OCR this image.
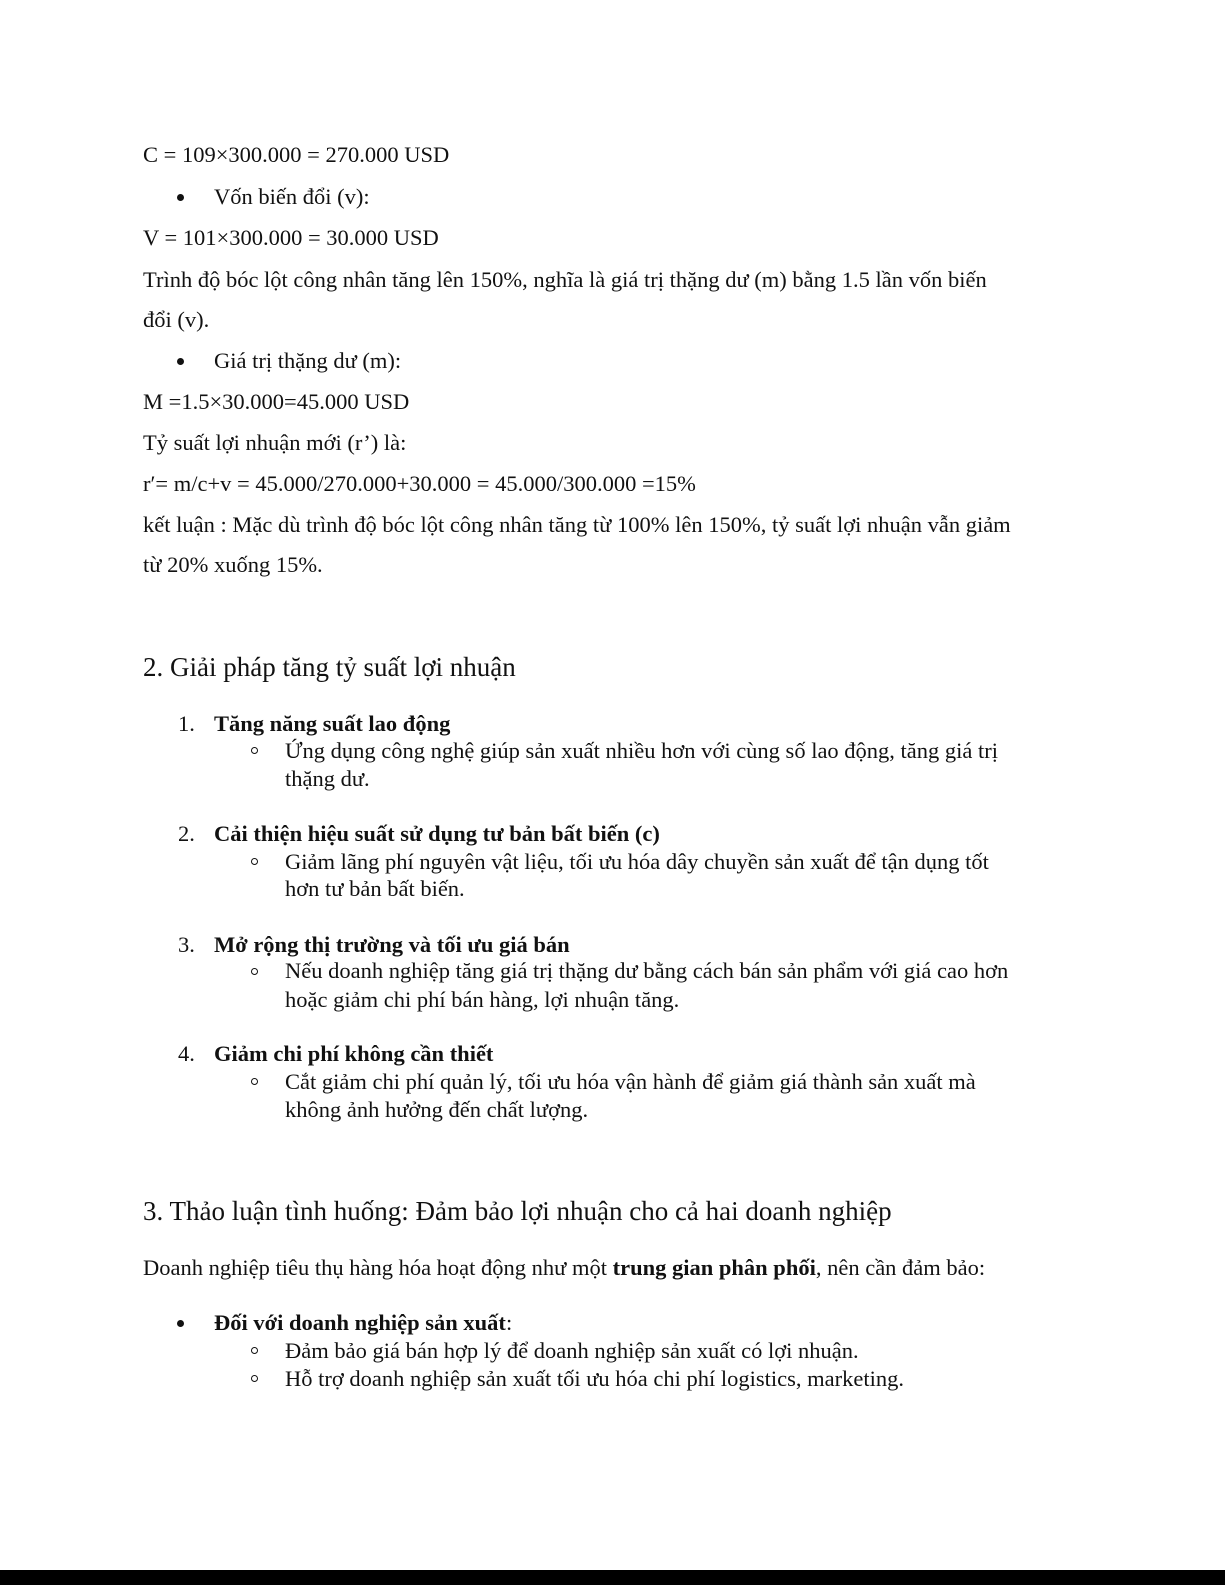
C = 109×300.000 = 270.000 USD
Vốn biến đổi (v):
V = 101×300.000 = 30.000 USD
Trình độ bóc lột công nhân tăng lên 150%, nghĩa là giá trị thặng dư (m) bằng 1.5 lần vốn biến
đổi (v).
Giá trị thặng dư (m):
M =1.5×30.000=45.000 USD
Tỷ suất lợi nhuận mới (r’) là:
r′= m/c+v = 45.000/270.000+30.000 = 45.000/300.000 =15%
kết luận : Mặc dù trình độ bóc lột công nhân tăng từ 100% lên 150%, tỷ suất lợi nhuận vẫn giảm
từ 20% xuống 15%.
2. Giải pháp tăng tỷ suất lợi nhuận
1. Tăng năng suất lao động
Ứng dụng công nghệ giúp sản xuất nhiều hơn với cùng số lao động, tăng giá trị
thặng dư.
2. Cải thiện hiệu suất sử dụng tư bản bất biến (c)
Giảm lãng phí nguyên vật liệu, tối ưu hóa dây chuyền sản xuất để tận dụng tốt
hơn tư bản bất biến.
3. Mở rộng thị trường và tối ưu giá bán
Nếu doanh nghiệp tăng giá trị thặng dư bằng cách bán sản phẩm với giá cao hơn
hoặc giảm chi phí bán hàng, lợi nhuận tăng.
4. Giảm chi phí không cần thiết
Cắt giảm chi phí quản lý, tối ưu hóa vận hành để giảm giá thành sản xuất mà
không ảnh hưởng đến chất lượng.
3. Thảo luận tình huống: Đảm bảo lợi nhuận cho cả hai doanh nghiệp
Doanh nghiệp tiêu thụ hàng hóa hoạt động như một trung gian phân phối, nên cần đảm bảo:
Đối với doanh nghiệp sản xuất:
Đảm bảo giá bán hợp lý để doanh nghiệp sản xuất có lợi nhuận.
Hỗ trợ doanh nghiệp sản xuất tối ưu hóa chi phí logistics, marketing.
